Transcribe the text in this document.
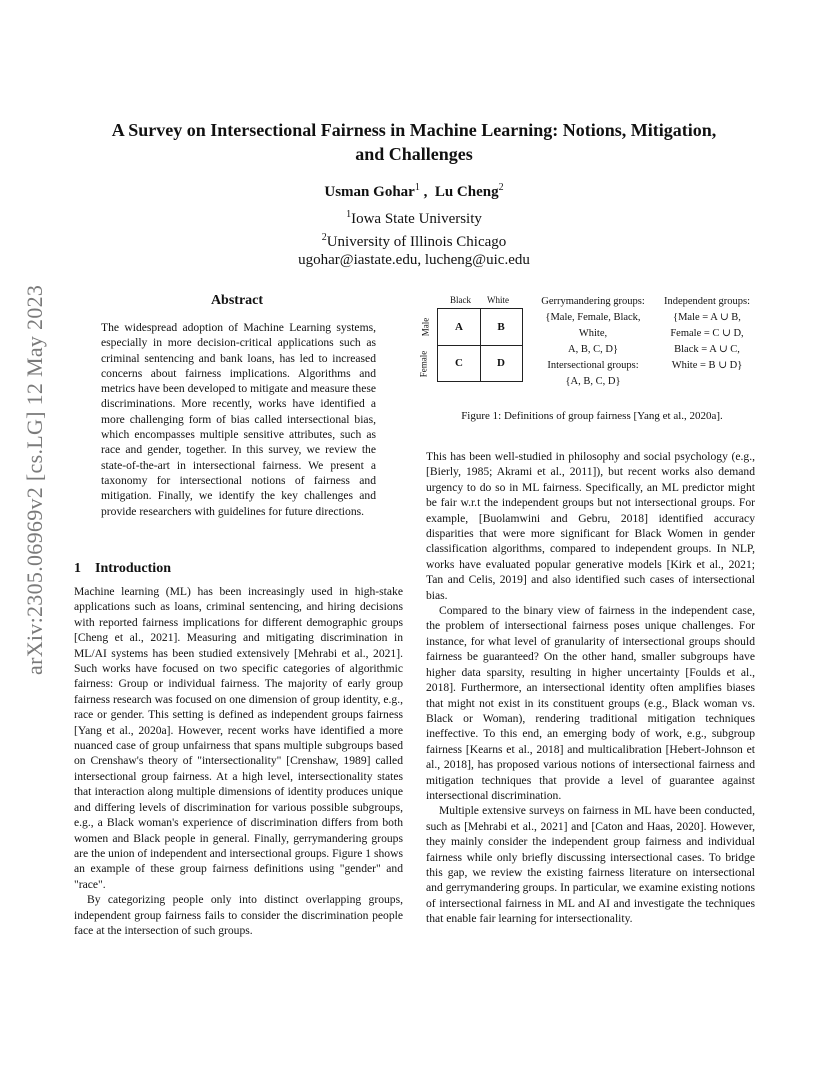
arXiv:2305.06969v2 [cs.LG] 12 May 2023
A Survey on Intersectional Fairness in Machine Learning: Notions, Mitigation,
and Challenges
Usman Gohar$^1$ ,  Lu Cheng$^2$
$^1$Iowa State University
$^2$University of Illinois Chicago
ugohar@iastate.edu, lucheng@uic.edu
Abstract
The widespread adoption of Machine Learning systems, especially in more decision-critical applications such as criminal sentencing and bank loans, has led to increased concerns about fairness implications. Algorithms and metrics have been developed to mitigate and measure these discriminations. More recently, works have identified a more challenging form of bias called intersectional bias, which encompasses multiple sensitive attributes, such as race and gender, together. In this survey, we review the state-of-the-art in intersectional fairness. We present a taxonomy for intersectional notions of fairness and mitigation. Finally, we identify the key challenges and provide researchers with guidelines for future directions.
Black White
Male
Female
A	B
C	D
Gerrymandering groups:
{Male, Female, Black,
White,
A, B, C, D}
Intersectional groups:
{A, B, C, D}
Independent groups:
{Male = A ∪ B,
Female = C ∪ D,
Black = A ∪ C,
White = B ∪ D}
Figure 1: Definitions of group fairness [Yang et al., 2020a].
1 Introduction

Machine learning (ML) has been increasingly used in high-stake applications such as loans, criminal sentencing, and hiring decisions with reported fairness implications for different demographic groups [Cheng et al., 2021]. Measuring and mitigating discrimination in ML/AI systems has been studied extensively [Mehrabi et al., 2021]. Such works have focused on two specific categories of algorithmic fairness: Group or individual fairness. The majority of early group fairness research was focused on one dimension of group identity, e.g., race or gender. This setting is defined as independent groups fairness [Yang et al., 2020a]. However, recent works have identified a more nuanced case of group unfairness that spans multiple subgroups based on Crenshaw's theory of "intersectionality" [Crenshaw, 1989] called intersectional group fairness. At a high level, intersectionality states that interaction along multiple dimensions of identity produces unique and differing levels of discrimination for various possible subgroups, e.g., a Black woman's experience of discrimination differs from both women and Black people in general. Finally, gerrymandering groups are the union of independent and intersectional groups. Figure 1 shows an example of these group fairness definitions using "gender" and "race".

By categorizing people only into distinct overlapping groups, independent group fairness fails to consider the discrimination people face at the intersection of such groups.

This has been well-studied in philosophy and social psychology (e.g., [Bierly, 1985; Akrami et al., 2011]), but recent works also demand urgency to do so in ML fairness. Specifically, an ML predictor might be fair w.r.t the independent groups but not intersectional groups. For example, [Buolamwini and Gebru, 2018] identified accuracy disparities that were more significant for Black Women in gender classification algorithms, compared to independent groups. In NLP, works have evaluated popular generative models [Kirk et al., 2021; Tan and Celis, 2019] and also identified such cases of intersectional bias.

Compared to the binary view of fairness in the independent case, the problem of intersectional fairness poses unique challenges. For instance, for what level of granularity of intersectional groups should fairness be guaranteed? On the other hand, smaller subgroups have higher data sparsity, resulting in higher uncertainty [Foulds et al., 2018]. Furthermore, an intersectional identity often amplifies biases that might not exist in its constituent groups (e.g., Black woman vs. Black or Woman), rendering traditional mitigation techniques ineffective. To this end, an emerging body of work, e.g., subgroup fairness [Kearns et al., 2018] and multicalibration [Hebert-Johnson et al., 2018], has proposed various notions of intersectional fairness and mitigation techniques that provide a level of guarantee against intersectional discrimination.

Multiple extensive surveys on fairness in ML have been conducted, such as [Mehrabi et al., 2021] and [Caton and Haas, 2020]. However, they mainly consider the independent group fairness and individual fairness while only briefly discussing intersectional cases. To bridge this gap, we review the existing fairness literature on intersectional and gerrymandering groups. In particular, we examine existing notions of intersectional fairness in ML and AI and investigate the techniques that enable fair learning for intersectionality.
